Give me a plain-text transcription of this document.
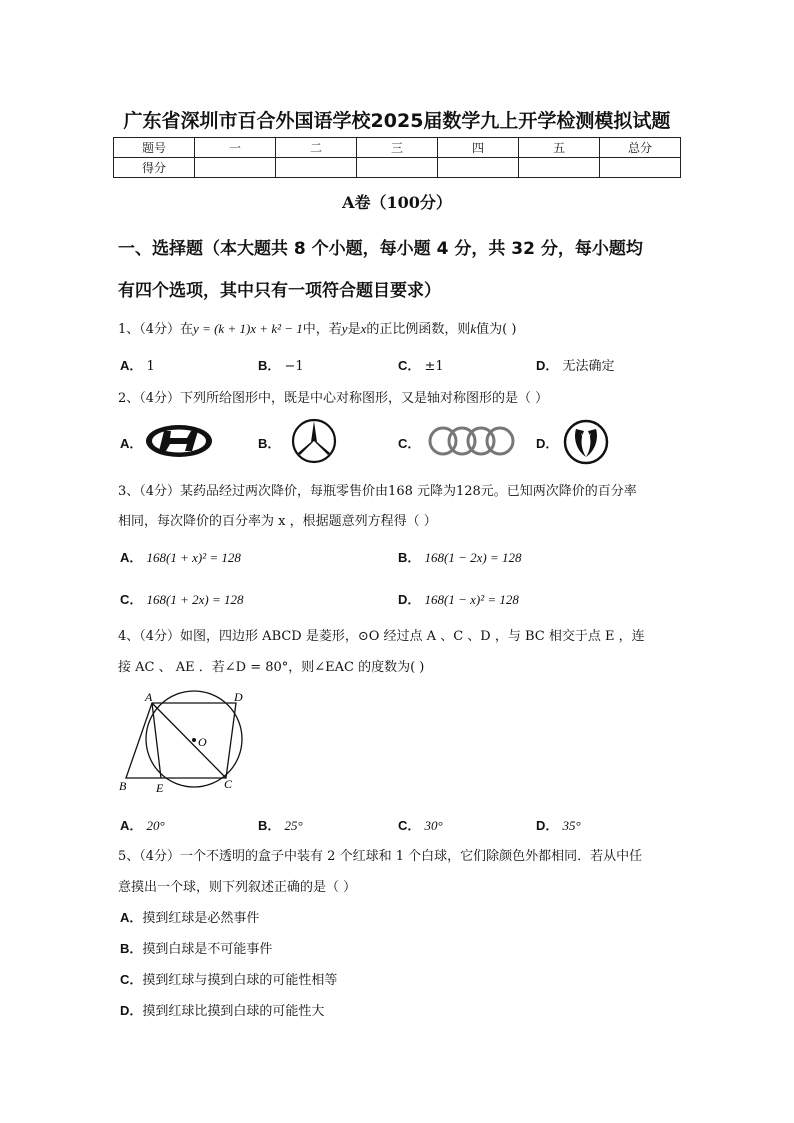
广东省深圳市百合外国语学校2025届数学九上开学检测模拟试题
题号	一	二	三	四	五	总分
得分						
A卷（100分）
一、选择题（本大题共 8 个小题，每小题 4 分，共 32 分，每小题均
有四个选项，其中只有一项符合题目要求）
1、（4分）在y = (k + 1)x + k² − 1中，若y是x的正比例函数，则k值为( )
A． 1	B． −1	C． ±1	D． 无法确定
2、（4分）下列所给图形中，既是中心对称图形，又是轴对称图形的是（ ）
A．	B．	C．	D．
3、（4分）某药品经过两次降价，每瓶零售价由168 元降为128元。已知两次降价的百分率
相同，每次降价的百分率为 x ，根据题意列方程得（ ）
A． 168(1 + x)² = 128	B． 168(1 − 2x) = 128
C． 168(1 + 2x) = 128	D． 168(1 − x)² = 128
4、（4分）如图，四边形 ABCD 是菱形，⊙O 经过点 A 、C 、D ，与 BC 相交于点 E ，连
接 AC 、 AE ．若∠D = 80°，则∠EAC 的度数为( )
A	D
O
B E	C
A． 20°	B． 25°	C． 30°	D． 35°
5、（4分）一个不透明的盒子中装有 2 个红球和 1 个白球，它们除颜色外都相同．若从中任
意摸出一个球，则下列叙述正确的是（ ）
A．摸到红球是必然事件
B．摸到白球是不可能事件
C．摸到红球与摸到白球的可能性相等
D．摸到红球比摸到白球的可能性大
